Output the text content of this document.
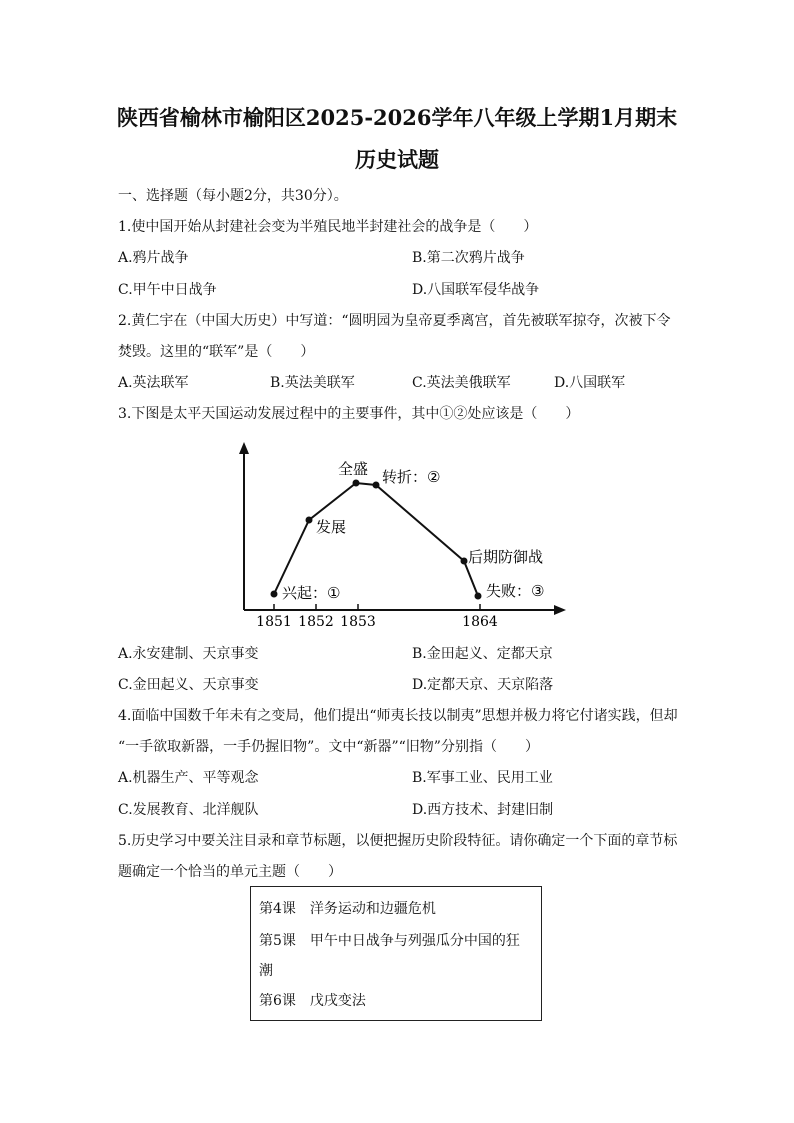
陕西省榆林市榆阳区2025-2026学年八年级上学期1月期末
历史试题
一、选择题（每小题2分，共30分）。
1.使中国开始从封建社会变为半殖民地半封建社会的战争是（　　）
A.鸦片战争	B.第二次鸦片战争
C.甲午中日战争	D.八国联军侵华战争
2.黄仁宇在（中国大历史）中写道：“圆明园为皇帝夏季离宫，首先被联军掠夺，次被下令
焚毁。这里的“联军”是（　　）
A.英法联军	B.英法美联军	C.英法美俄联军	D.八国联军
3.下图是太平天国运动发展过程中的主要事件，其中①②处应该是（　　）
1851 1852 1853	1864
兴起：①
发展
全盛 转折：②
后期防御战
失败：③
A.永安建制、天京事变	B.金田起义、定都天京
C.金田起义、天京事变	D.定都天京、天京陷落
4.面临中国数千年未有之变局，他们提出“师夷长技以制夷”思想并极力将它付诸实践，但却
“一手欲取新器，一手仍握旧物”。文中“新器”“旧物”分别指（　　）
A.机器生产、平等观念	B.军事工业、民用工业
C.发展教育、北洋舰队	D.西方技术、封建旧制
5.历史学习中要关注目录和章节标题，以便把握历史阶段特征。请你确定一个下面的章节标
题确定一个恰当的单元主题（　　）
第4课　洋务运动和边疆危机
第5课　甲午中日战争与列强瓜分中国的狂
潮
第6课　戊戌变法
